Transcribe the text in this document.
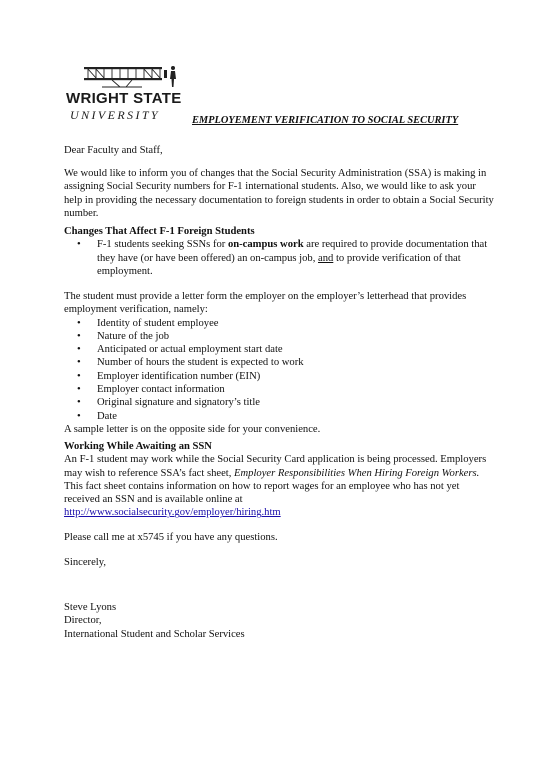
WRIGHT STATE
UNIVERSITY	EMPLOYEMENT VERIFICATION TO SOCIAL SECURITY

Dear Faculty and Staff,

We would like to inform you of changes that the Social Security Administration (SSA) is making in assigning Social Security numbers for F-1 international students. Also, we would like to ask your help in providing the necessary documentation to foreign students in order to obtain a Social Security number.

Changes That Affect F-1 Foreign Students

• F-1 students seeking SSNs for on-campus work are required to provide documentation that they have (or have been offered) an on-campus job, and to provide verification of that employment.

The student must provide a letter form the employer on the employer’s letterhead that provides employment verification, namely:

• Identity of student employee
• Nature of the job
• Anticipated or actual employment start date
• Number of hours the student is expected to work
• Employer identification number (EIN)
• Employer contact information
• Original signature and signatory’s title
• Date

A sample letter is on the opposite side for your convenience.

Working While Awaiting an SSN

An F-1 student may work while the Social Security Card application is being processed. Employers may wish to reference SSA’s fact sheet, Employer Responsibilities When Hiring Foreign Workers. This fact sheet contains information on how to report wages for an employee who has not yet received an SSN and is available online at

http://www.socialsecurity.gov/employer/hiring.htm

Please call me at x5745 if you have any questions.

Sincerely,

Steve Lyons

Director,

International Student and Scholar Services
